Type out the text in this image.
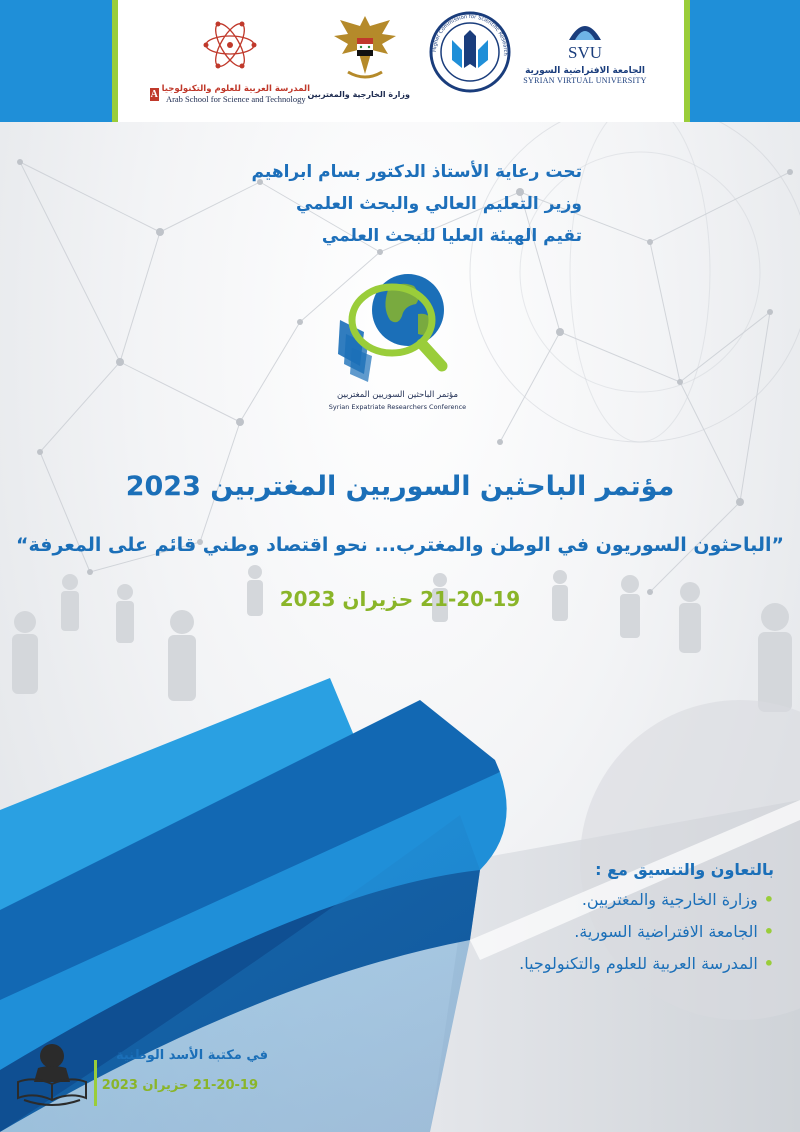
A المدرسة العربية للعلوم والتكنولوجيا
Arab School for Science and Technology وزارة الخارجية والمغتربين
Higher Commission for Scientific Research	SVU
الجامعة الافتراضية السورية
SYRIAN VIRTUAL UNIVERSITY
تحت رعاية الأستاذ الدكتور بسام ابراهيم
وزير التعليم العالي والبحث العلمي
تقيم الهيئة العليا للبحث العلمي
مؤتمر الباحثين السوريين المغتربين
Syrian Expatriate Researchers Conference
مؤتمر الباحثين السوريين المغتربين 2023
”الباحثون السوريون في الوطن والمغترب... نحو اقتصاد وطني قائم على المعرفة“
21-20-19 حزيران 2023
بالتعاون والتنسيق مع :
•وزارة الخارجية والمغتربين.
•الجامعة الافتراضية السورية.
•المدرسة العربية للعلوم والتكنولوجيا.
في مكتبة الأسد الوطنية
21-20-19 حزيران 2023
